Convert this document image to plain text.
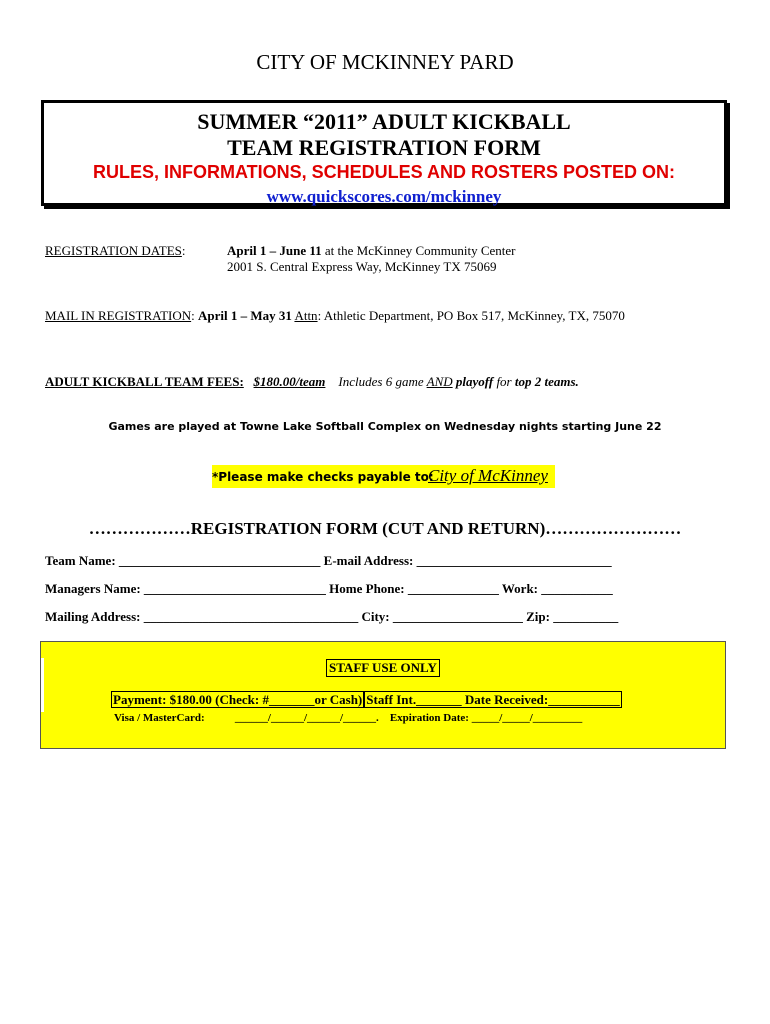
CITY OF MCKINNEY PARD
SUMMER “2011” ADULT KICKBALL
TEAM REGISTRATION FORM
RULES, INFORMATIONS, SCHEDULES AND ROSTERS POSTED ON:
www.quickscores.com/mckinney
REGISTRATION DATES:	April 1 – June 11 at the McKinney Community Center
2001 S. Central Express Way, McKinney TX 75069
MAIL IN REGISTRATION: April 1 – May 31 Attn: Athletic Department, PO Box 517, McKinney, TX, 75070
ADULT KICKBALL TEAM FEES: $180.00/team Includes 6 game AND playoff for top 2 teams.
Games are played at Towne Lake Softball Complex on Wednesday nights starting June 22
*Please make checks payable to:
City of McKinney
………………REGISTRATION FORM (CUT AND RETURN)……………………
Team Name: _______________________________ E-mail Address: ______________________________
Managers Name: ____________________________ Home Phone: ______________ Work: ___________
Mailing Address: _________________________________ City: ____________________ Zip: __________
STAFF USE ONLY
Payment: $180.00 (Check: #_______or Cash) Staff Int._______ Date Received:___________
Visa / MasterCard:	______/______/______/______. Expiration Date: _____/_____/_________
